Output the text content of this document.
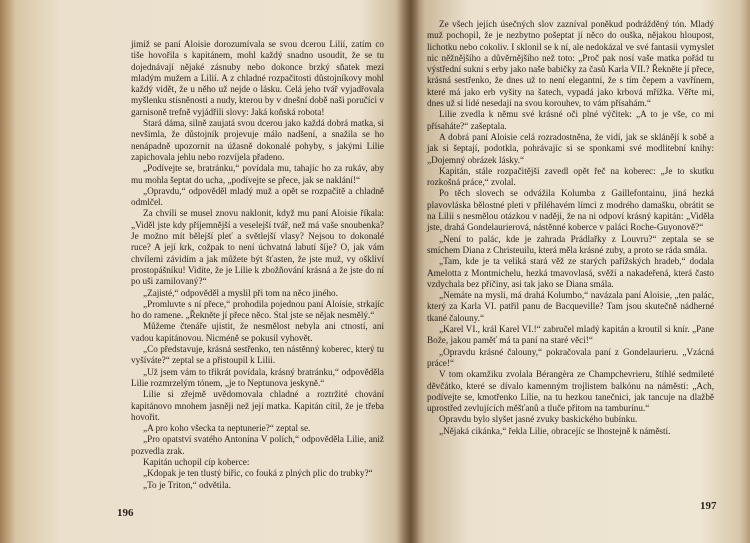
jimiž se paní Aloisie dorozumívala se svou dcerou Lilií, zatím co tiše hovořila s kapitánem, mohl každý snadno usoudit, že se tu dojednávají nějaké zásnuby nebo dokonce brzký sňatek mezi mladým mužem a Lilií. A z chladné rozpačitosti důstojníkovy mohl každý vidět, že u něho už nejde o lásku. Celá jeho tvář vyjadřovala myšlenku stísněnosti a nudy, kterou by v dnešní době naši poručíci v garnisoně trefně vyjádřili slovy: Jaká koňská robota!

Stará dáma, silně zaujatá svou dcerou jako každá dobrá matka, si nevšimla, že důstojník projevuje málo nadšení, a snažila se ho nenápadně upozornit na úžasně dokonalé pohyby, s jakými Lilie zapichovala jehlu nebo rozvíjela přadeno.

„Podívejte se, bratránku,“ povídala mu, tahajíc ho za rukáv, aby mu mohla šeptat do ucha, „podívejte se přece, jak se naklání!“

„Opravdu,“ odpověděl mladý muž a opět se rozpačitě a chladně odmlčel.

Za chvíli se musel znovu naklonit, když mu paní Aloisie říkala: „Viděl jste kdy příjemnější a veselejší tvář, než má vaše snoubenka? Je možno mít bělejší pleť a světlejší vlasy? Nejsou to dokonalé ruce? A její krk, cožpak to není úchvatná labutí šíje? O, jak vám chvílemi závidím a jak můžete být šťasten, že jste muž, vy oškliví prostopášníku! Vidíte, že je Lilie k zbožňování krásná a že jste do ní po uši zamilovaný?“

„Zajisté,“ odpověděl a myslil při tom na něco jiného.

„Promluvte s ní přece,“ prohodila pojednou paní Aloisie, strkajíc ho do ramene. „Řekněte jí přece něco. Stal jste se nějak nesmělý.“

Můžeme čtenáře ujistit, že nesmělost nebyla ani ctností, ani vadou kapitánovou. Nicméně se pokusil vyhovět.

„Co představuje, krásná sestřenko, ten nástěnný koberec, který tu vyšíváte?“ zeptal se a přistoupil k Lilii.

„Už jsem vám to třikrát povídala, krásný bratránku,“ odpověděla Lilie rozmrzelým tónem, „je to Neptunova jeskyně.“

Lilie si zřejmě uvědomovala chladné a roztržité chování kapitánovo mnohem jasněji než její matka. Kapitán cítil, že je třeba hovořit.

„A pro koho všecka ta neptunerie?“ zeptal se.

„Pro opatství svatého Antonína V polích,“ odpověděla Lilie, aniž pozvedla zrak.

Kapitán uchopil cíp koberce:

„Kdopak je ten tlustý biřic, co fouká z plných plic do trubky?“

„To je Triton,“ odvětila.

196

Ze všech jejích úsečných slov zazníval poněkud podrážděný tón. Mladý muž pochopil, že je nezbytno pošeptat jí něco do ouška, nějakou hloupost, lichotku nebo cokoliv. I sklonil se k ní, ale nedokázal ve své fantasii vymyslet nic něžnějšího a důvěrnějšího než toto: „Proč pak nosí vaše matka pořád tu výstřední sukni s erby jako naše babičky za časů Karla VII.? Řekněte jí přece, krásná sestřenko, že dnes už to není elegantní, že s tím čepem a vavřínem, které má jako erb vyšity na šatech, vypadá jako krbová mřížka. Věřte mi, dnes už si lidé nesedají na svou korouhev, to vám přísahám.“

Lilie zvedla k němu své krásné oči plné výčitek: „A to je vše, co mi přísaháte?“ zašeptala.

A dobrá paní Aloisie celá rozradostněna, že vidí, jak se sklánějí k sobě a jak si šeptají, podotkla, pohrávajíc si se sponkami své modlitební knihy: „Dojemný obrázek lásky.“

Kapitán, stále rozpačitější zavedl opět řeč na koberec: „Je to skutku rozkošná práce,“ zvolal.

Po těch slovech se odvážila Kolumba z Gaillefontainu, jiná hezká plavovláska bělostné pleti v přiléhavém límci z modrého damašku, obrátit se na Lilii s nesmělou otázkou v naději, že na ni odpoví krásný kapitán: „Viděla jste, drahá Gondelaurierová, nástěnné koberce v paláci Roche-Guyonově?“

„Není to palác, kde je zahrada Prádlařky z Louvru?“ zeptala se se smíchem Diana z Christeuilu, která měla krásné zuby, a proto se ráda smála.

„Tam, kde je ta veliká stará věž ze starých pařížských hradeb,“ dodala Amelotta z Montmichelu, hezká tmavovlasá, svěží a nakadeřená, která často vzdychala bez příčiny, asi tak jako se Diana smála.

„Nemáte na mysli, má drahá Kolumbo,“ navázala paní Aloisie, „ten palác, který za Karla VI. patřil panu de Bacqueville? Tam jsou skutečně nádherné tkané čalouny.“

„Karel VI., král Karel VI.!“ zabručel mladý kapitán a kroutil si knír. „Pane Bože, jakou paměť má ta paní na staré věci!“

„Opravdu krásné čalouny,“ pokračovala paní z Gondelaurieru. „Vzácná práce!“

V tom okamžiku zvolala Bérangèra ze Champchevrieru, štíhlé sedmileté děvčátko, které se dívalo kamenným trojlistem balkónu na náměstí: „Ach, podívejte se, kmotřenko Lilie, na tu hezkou tanečnici, jak tancuje na dlažbě uprostřed zevlujících měšťanů a tluče přitom na tamburínu.“

Opravdu bylo slyšet jasné zvuky baskického bubínku.

„Nějaká cikánka,“ řekla Lilie, obracejíc se lhostejně k náměstí.

197
